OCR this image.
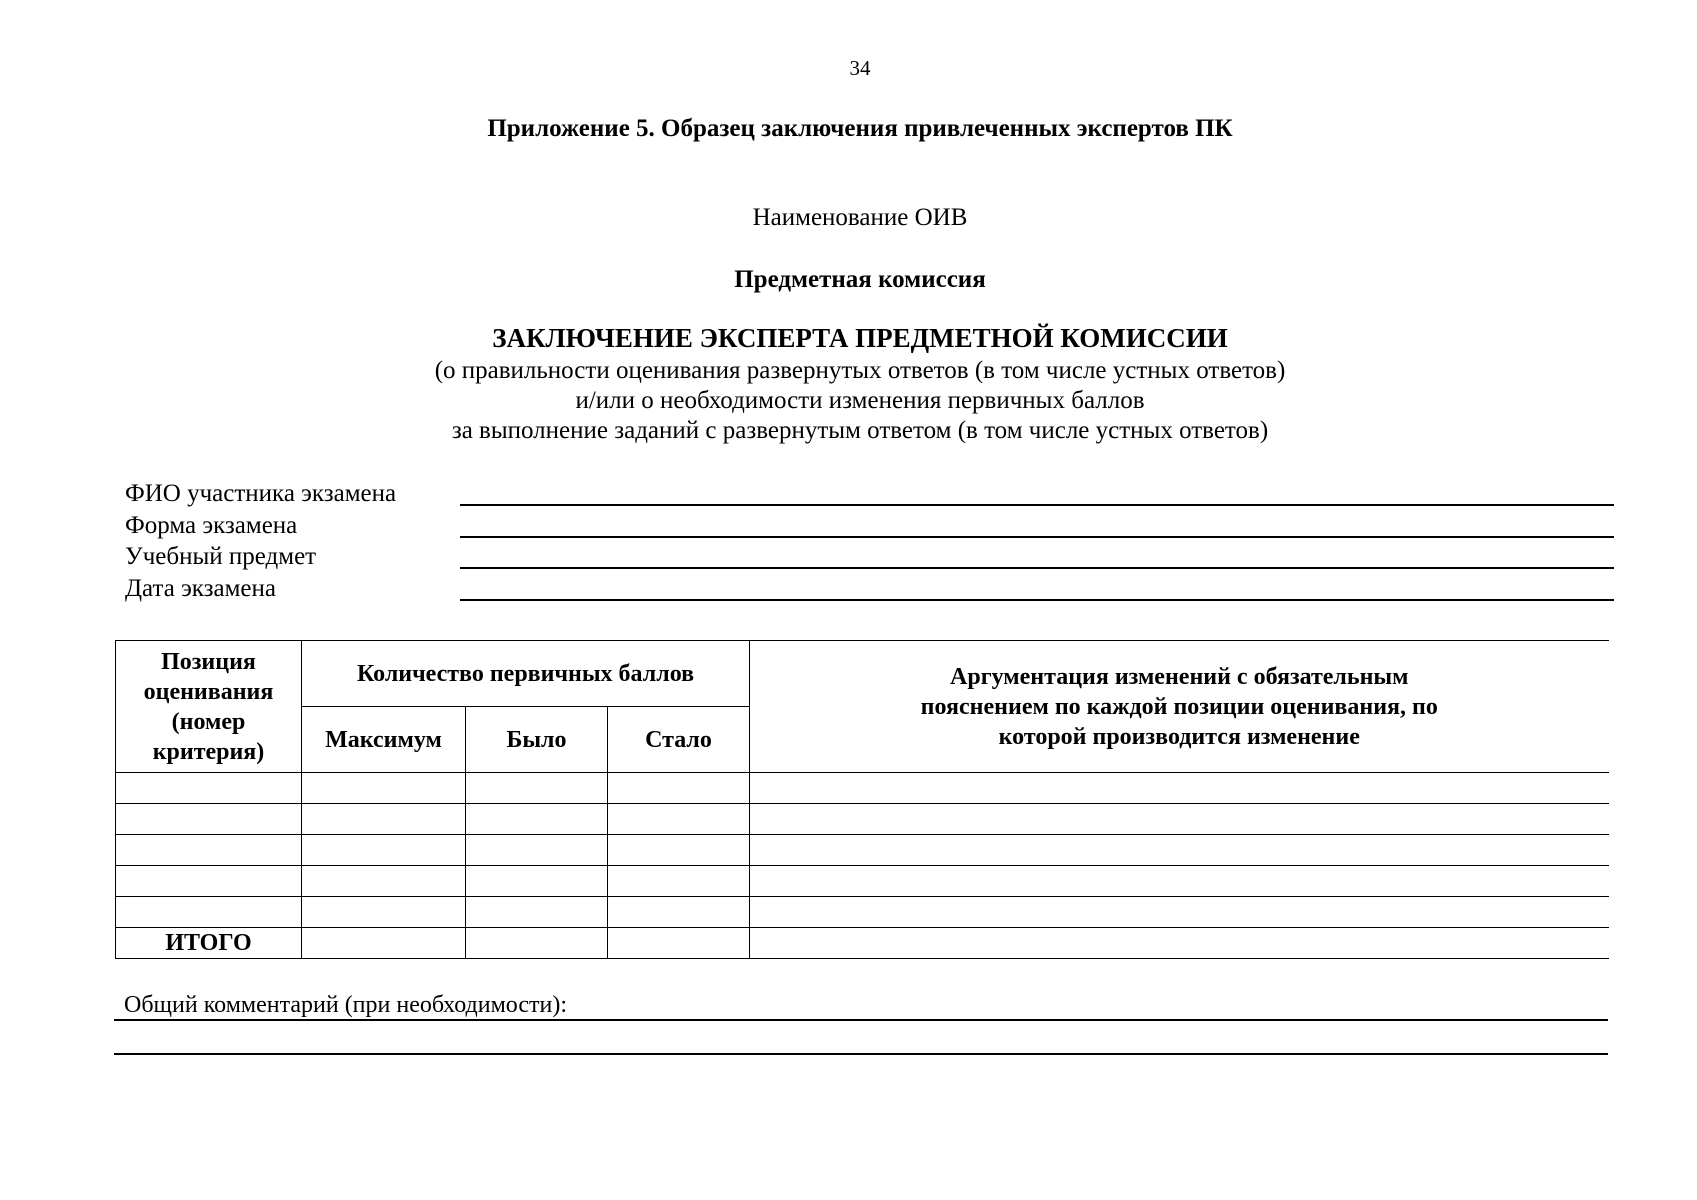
34
Приложение 5. Образец заключения привлеченных экспертов ПК
Наименование ОИВ
Предметная комиссия
ЗАКЛЮЧЕНИЕ ЭКСПЕРТА ПРЕДМЕТНОЙ КОМИССИИ
(о правильности оценивания развернутых ответов (в том числе устных ответов)
и/или о необходимости изменения первичных баллов
за выполнение заданий с развернутым ответом (в том числе устных ответов)
ФИО участника экзамена
Форма экзамена
Учебный предмет
Дата экзамена
Позиция оценивания (номер критерия)	Количество первичных баллов			Аргументация изменений с обязательным пояснением по каждой позиции оценивания, по которой производится изменение
	Максимум	Было	Стало	

ИТОГО				
Общий комментарий (при необходимости):
